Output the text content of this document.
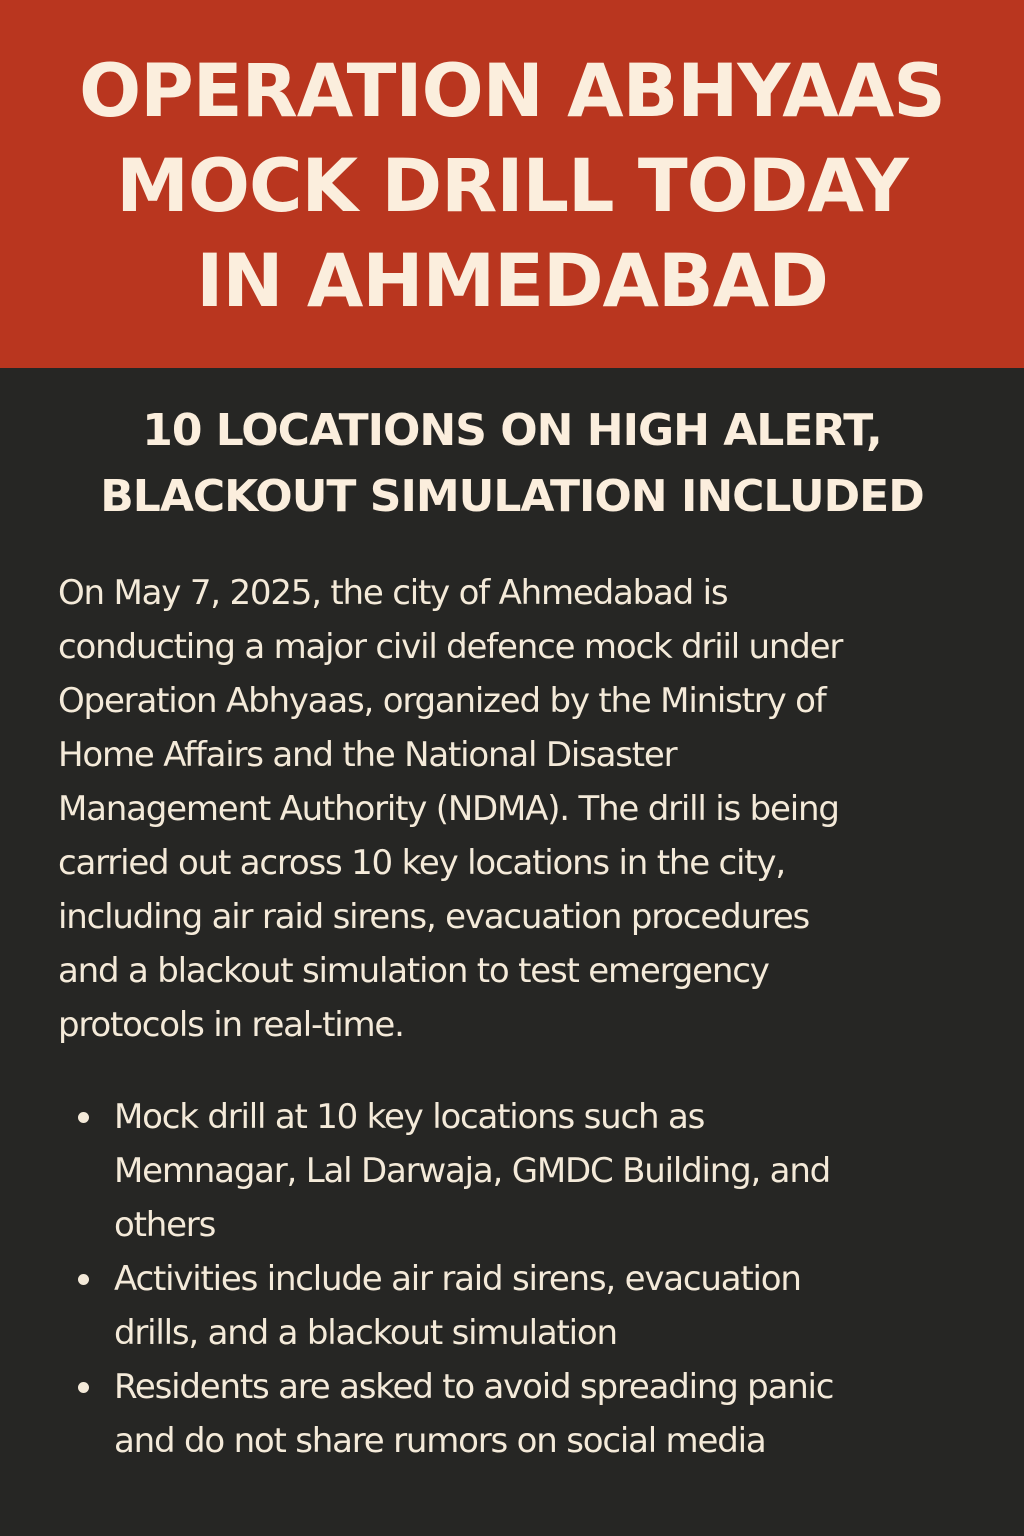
OPERATION ABHYAAS
MOCK DRILL TODAY
IN AHMEDABAD
10 LOCATIONS ON HIGH ALERT,
BLACKOUT SIMULATION INCLUDED

On May 7, 2025, the city of Ahmedabad is
conducting a major civil defence mock driil under
Operation Abhyaas, organized by the Ministry of
Home Affairs and the National Disaster
Management Authority (NDMA). The drill is being
carried out across 10 key locations in the city,
including air raid sirens, evacuation procedures
and a blackout simulation to test emergency
protocols in real-time.

Mock drill at 10 key locations such as
Memnagar, Lal Darwaja, GMDC Building, and
others
Activities include air raid sirens, evacuation
drills, and a blackout simulation
Residents are asked to avoid spreading panic
and do not share rumors on social media
